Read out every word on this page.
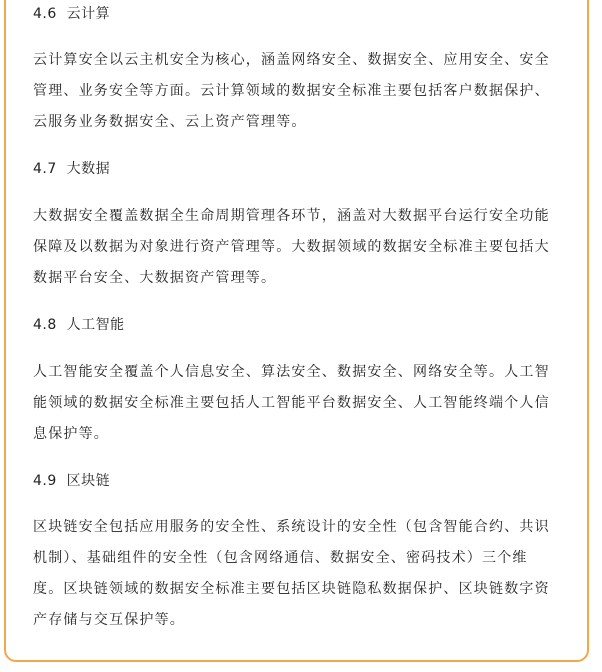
4.6  云计算
云计算安全以云主机安全为核心，涵盖网络安全、数据安全、应用安全、安全
管理、业务安全等方面。云计算领域的数据安全标准主要包括客户数据保护、
云服务业务数据安全、云上资产管理等。
4.7  大数据
大数据安全覆盖数据全生命周期管理各环节，涵盖对大数据平台运行安全功能
保障及以数据为对象进行资产管理等。大数据领域的数据安全标准主要包括大
数据平台安全、大数据资产管理等。
4.8  人工智能
人工智能安全覆盖个人信息安全、算法安全、数据安全、网络安全等。人工智
能领域的数据安全标准主要包括人工智能平台数据安全、人工智能终端个人信
息保护等。
4.9  区块链
区块链安全包括应用服务的安全性、系统设计的安全性（包含智能合约、共识
机制）、基础组件的安全性（包含网络通信、数据安全、密码技术）三个维
度。区块链领域的数据安全标准主要包括区块链隐私数据保护、区块链数字资
产存储与交互保护等。
